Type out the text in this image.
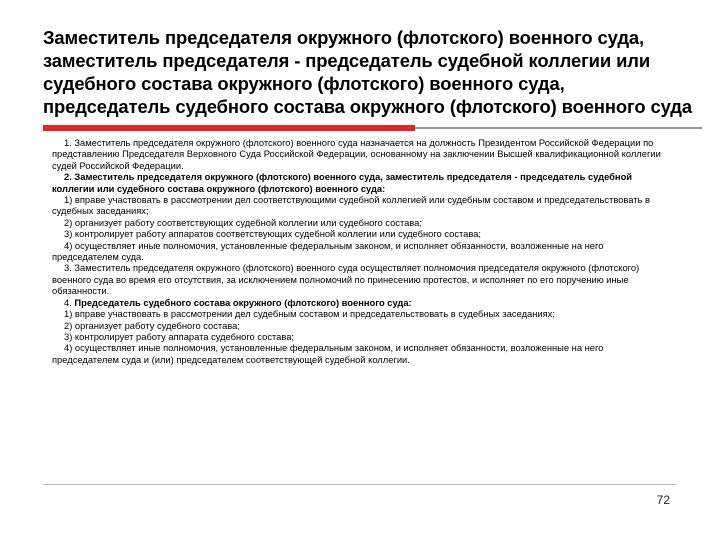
Заместитель председателя окружного (флотского) военного суда,
заместитель председателя - председатель судебной коллегии или
судебного состава окружного (флотского) военного суда,
председатель судебного состава окружного (флотского) военного суда

1. Заместитель председателя окружного (флотского) военного суда назначается на должность Президентом Российской Федерации по представлению Председателя Верховного Суда Российской Федерации, основанному на заключении Высшей квалификационной коллегии судей Российской Федерации.

2. Заместитель председателя окружного (флотского) военного суда, заместитель председателя - председатель судебной коллегии или судебного состава окружного (флотского) военного суда:

1) вправе участвовать в рассмотрении дел соответствующими судебной коллегией или судебным составом и председательствовать в судебных заседаниях;

2) организует работу соответствующих судебной коллегии или судебного состава;

3) контролирует работу аппаратов соответствующих судебной коллегии или судебного состава;

4) осуществляет иные полномочия, установленные федеральным законом, и исполняет обязанности, возложенные на него председателем суда.

3. Заместитель председателя окружного (флотского) военного суда осуществляет полномочия председателя окружного (флотского) военного суда во время его отсутствия, за исключением полномочий по принесению протестов, и исполняет по его поручению иные обязанности.

4. Председатель судебного состава окружного (флотского) военного суда:

1) вправе участвовать в рассмотрении дел судебным составом и председательствовать в судебных заседаниях;

2) организует работу судебного состава;

3) контролирует работу аппарата судебного состава;

4) осуществляет иные полномочия, установленные федеральным законом, и исполняет обязанности, возложенные на него председателем суда и (или) председателем соответствующей судебной коллегии.

72
